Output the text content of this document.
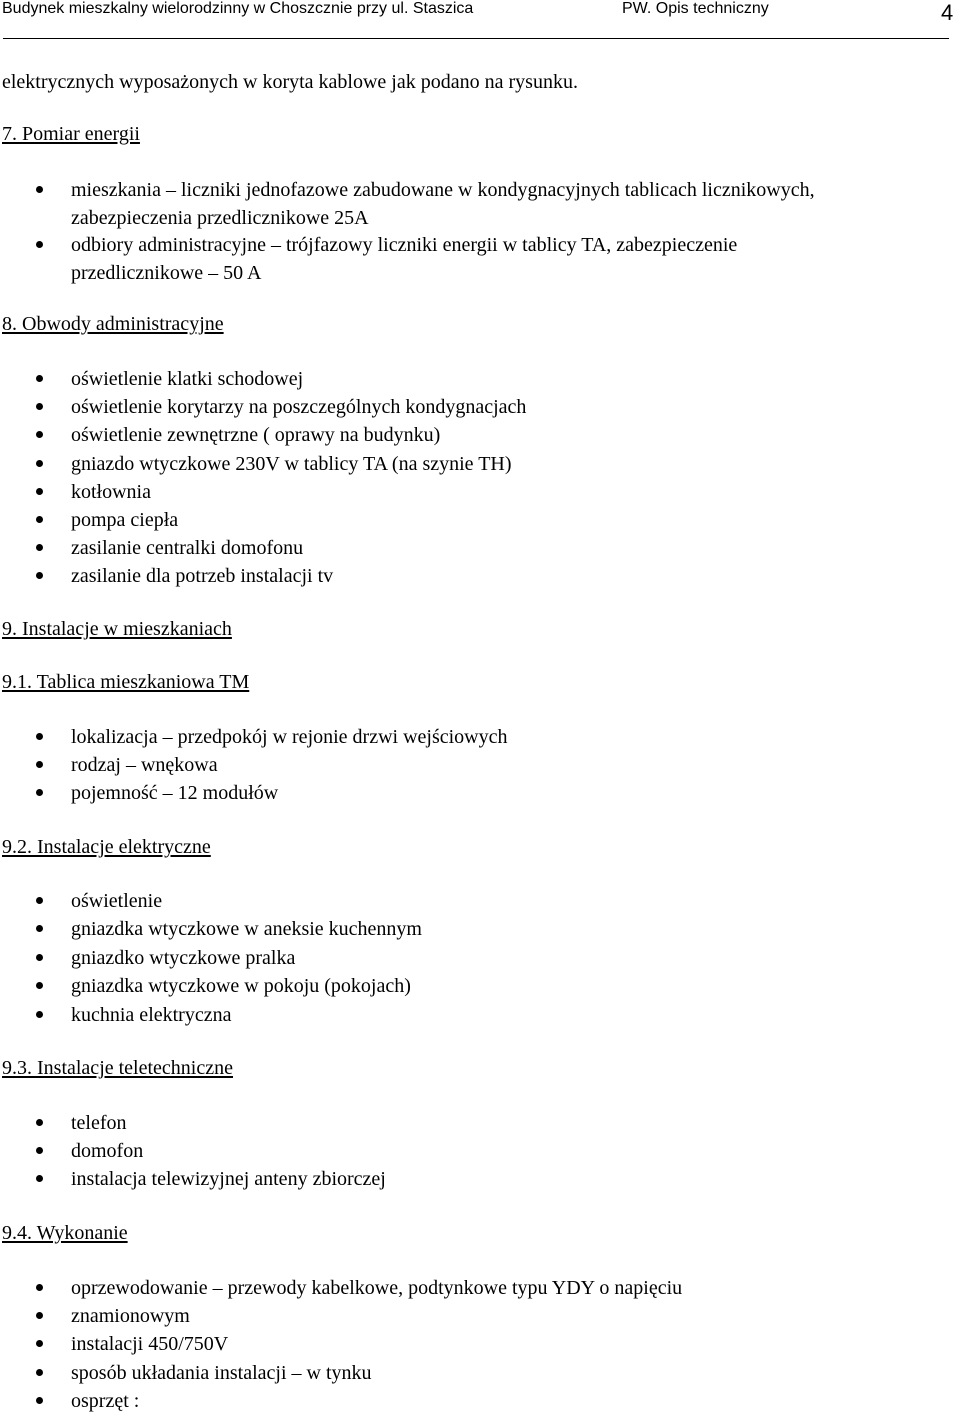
Budynek mieszkalny wielorodzinny w Choszcznie przy ul. Staszica	PW. Opis techniczny	4
elektrycznych wyposażonych w koryta kablowe jak podano na rysunku.
7. Pomiar energii
mieszkania – liczniki jednofazowe zabudowane w kondygnacyjnych tablicach licznikowych,
zabezpieczenia przedlicznikowe 25A
odbiory administracyjne – trójfazowy liczniki energii w tablicy TA, zabezpieczenie
przedlicznikowe – 50 A
8. Obwody administracyjne
oświetlenie klatki schodowej
oświetlenie korytarzy na poszczególnych kondygnacjach
oświetlenie zewnętrzne ( oprawy na budynku)
gniazdo wtyczkowe 230V w tablicy TA (na szynie TH)
kotłownia
pompa ciepła
zasilanie centralki domofonu
zasilanie dla potrzeb instalacji tv
9. Instalacje w mieszkaniach
9.1. Tablica mieszkaniowa TM
lokalizacja – przedpokój w rejonie drzwi wejściowych
rodzaj – wnękowa
pojemność – 12 modułów
9.2. Instalacje elektryczne
oświetlenie
gniazdka wtyczkowe w aneksie kuchennym
gniazdko wtyczkowe pralka
gniazdka wtyczkowe w pokoju (pokojach)
kuchnia elektryczna
9.3. Instalacje teletechniczne
telefon
domofon
instalacja telewizyjnej anteny zbiorczej
9.4. Wykonanie
oprzewodowanie – przewody kabelkowe, podtynkowe typu YDY o napięciu
znamionowym
instalacji 450/750V
sposób układania instalacji – w tynku
osprzęt :
